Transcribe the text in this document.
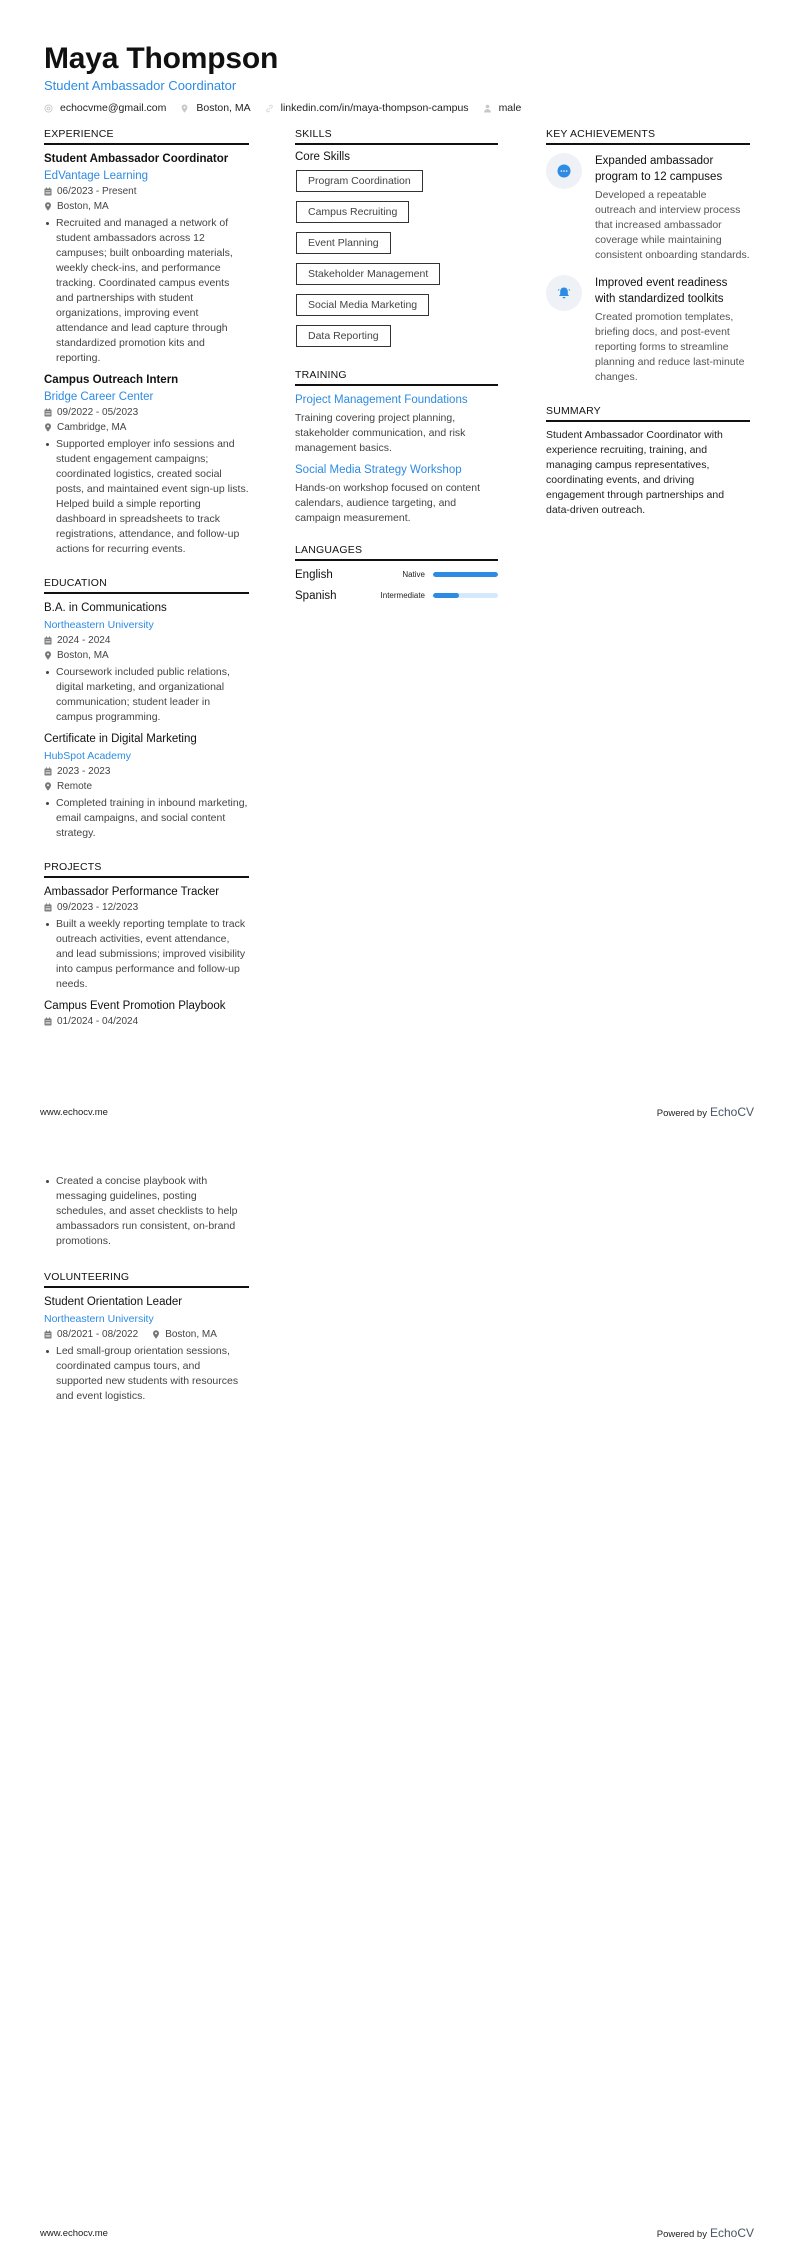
Maya Thompson
Student Ambassador Coordinator
echocvme@gmail.com	Boston, MA	linkedin.com/in/maya-thompson-campus	male
EXPERIENCE
Student Ambassador Coordinator
EdVantage Learning
06/2023 - Present
Boston, MA
Recruited and managed a network of student ambassadors across 12 campuses; built onboarding materials, weekly check-ins, and performance tracking. Coordinated campus events and partnerships with student organizations, improving event attendance and lead capture through standardized promotion kits and reporting.
Campus Outreach Intern
Bridge Career Center
09/2022 - 05/2023
Cambridge, MA
Supported employer info sessions and student engagement campaigns; coordinated logistics, created social posts, and maintained event sign-up lists. Helped build a simple reporting dashboard in spreadsheets to track registrations, attendance, and follow-up actions for recurring events.
EDUCATION
B.A. in Communications
Northeastern University
2024 - 2024
Boston, MA
Coursework included public relations, digital marketing, and organizational communication; student leader in campus programming.
Certificate in Digital Marketing
HubSpot Academy
2023 - 2023
Remote
Completed training in inbound marketing, email campaigns, and social content strategy.
PROJECTS
Ambassador Performance Tracker
09/2023 - 12/2023
Built a weekly reporting template to track outreach activities, event attendance, and lead submissions; improved visibility into campus performance and follow-up needs.
Campus Event Promotion Playbook
01/2024 - 04/2024
SKILLS
Core Skills
Program Coordination
Campus Recruiting
Event Planning
Stakeholder Management
Social Media Marketing
Data Reporting
TRAINING
Project Management Foundations
Training covering project planning, stakeholder communication, and risk management basics.
Social Media Strategy Workshop
Hands-on workshop focused on content calendars, audience targeting, and campaign measurement.
LANGUAGES
English	Native
Spanish	Intermediate
KEY ACHIEVEMENTS
Expanded ambassador program to 12 campuses
Developed a repeatable outreach and interview process that increased ambassador coverage while maintaining consistent onboarding standards.
Improved event readiness with standardized toolkits
Created promotion templates, briefing docs, and post-event reporting forms to streamline planning and reduce last-minute changes.
SUMMARY
Student Ambassador Coordinator with experience recruiting, training, and managing campus representatives, coordinating events, and driving engagement through partnerships and data-driven outreach.
www.echocv.me	Powered by EchoCV
Created a concise playbook with messaging guidelines, posting schedules, and asset checklists to help ambassadors run consistent, on-brand promotions.
VOLUNTEERING
Student Orientation Leader
Northeastern University
08/2021 - 08/2022	Boston, MA
Led small-group orientation sessions, coordinated campus tours, and supported new students with resources and event logistics.
www.echocv.me	Powered by EchoCV
